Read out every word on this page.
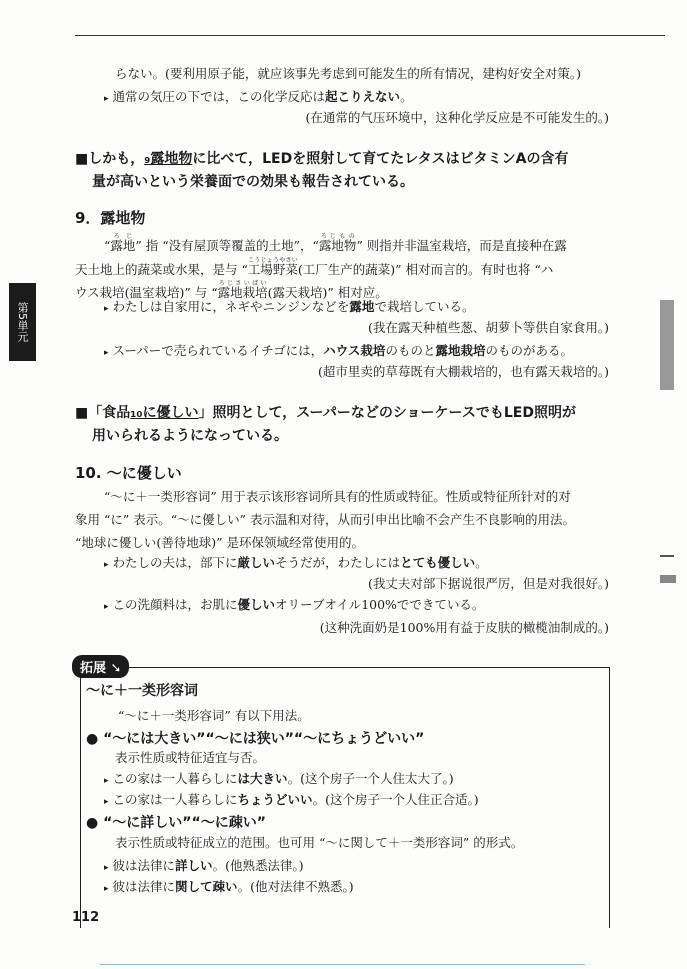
第5単元
拓展 ➘
らない。(要利用原子能，就应该事先考虑到可能发生的所有情况，建构好安全对策。)
▸ 通常の気圧の下では，この化学反応は起こりえない。
(在通常的气压环境中，这种化学反应是不可能发生的。)
■しかも，₉露地物に比べて，LEDを照射して育てたレタスはビタミンAの含有
量が高いという栄養面での効果も報告されている。
9．露地物
“露地ろじ” 指 “没有屋顶等覆盖的土地”，“露地物ろじもの” 则指并非温室栽培，而是直接种在露
天土地上的蔬菜或水果，是与 “工場野菜こうじょうやさい(工厂生产的蔬菜)” 相对而言的。有时也将 “ハ
ウス栽培(温室栽培)” 与 “露地栽培ろじさいばい(露天栽培)” 相对应。
▸ わたしは自家用に，ネギやニンジンなどを露地で栽培している。
(我在露天种植些葱、胡萝卜等供自家食用。)
▸ スーパーで売られているイチゴには，ハウス栽培のものと露地栽培のものがある。
(超市里卖的草莓既有大棚栽培的，也有露天栽培的。)
■「食品₁₀に優しい」照明として，スーパーなどのショーケースでもLED照明が
用いられるようになっている。
10. ～に優しい
“～に＋一类形容词” 用于表示该形容词所具有的性质或特征。性质或特征所针对的对
象用 “に” 表示。“～に優しい” 表示温和对待，从而引申出比喻不会产生不良影响的用法。
“地球に優しい(善待地球)” 是环保领域经常使用的。
▸ わたしの夫は，部下に厳しいそうだが，わたしにはとても優しい。
(我丈夫对部下据说很严厉，但是对我很好。)
▸ この洗顔料は，お肌に優しいオリーブオイル100%でできている。
(这种洗面奶是100%用有益于皮肤的橄榄油制成的。)
～に＋一类形容词
“～に＋一类形容词” 有以下用法。
● “～には大きい”“～には狭い”“～にちょうどいい”
表示性质或特征适宜与否。
▸ この家は一人暮らしには大きい。(这个房子一个人住太大了。)
▸ この家は一人暮らしにちょうどいい。(这个房子一个人住正合适。)
● “～に詳しい”“～に疎い”
表示性质或特征成立的范围。也可用 “～に関して＋一类形容词” 的形式。
▸ 彼は法律に詳しい。(他熟悉法律。)
▸ 彼は法律に関して疎い。(他对法律不熟悉。)
112
